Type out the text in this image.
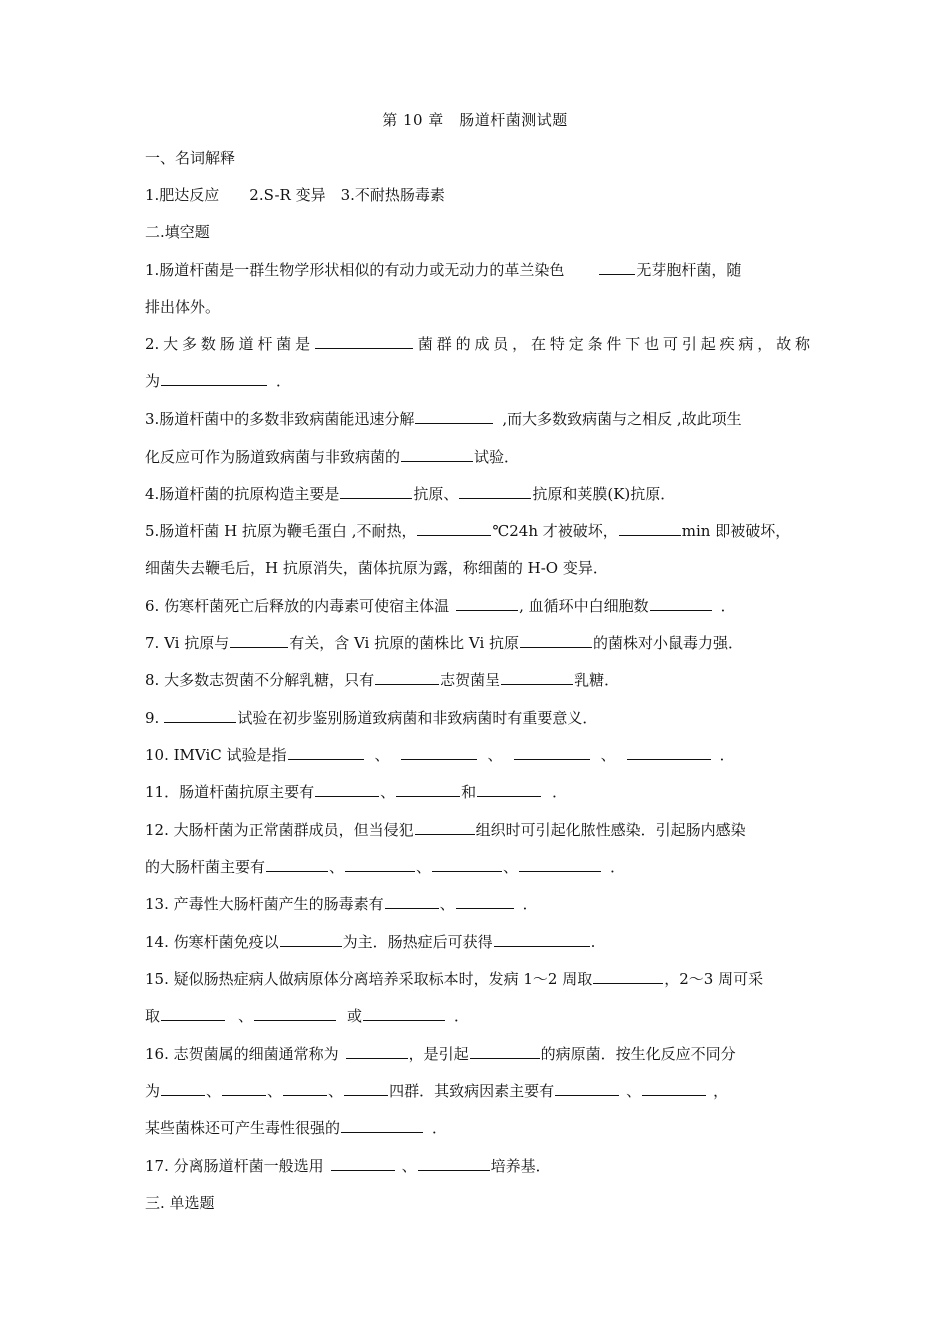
第 10 章　肠道杆菌测试题
一、名词解释
1.肥达反应　　2.S-R 变异　3.不耐热肠毒素
二.填空题
1.肠道杆菌是一群生物学形状相似的有动力或无动力的革兰染色	无芽胞杆菌，随
排出体外。
2.大多数肠道杆菌是	菌群的成员，在特定条件下也可引起疾病，故称
为	．
3.肠道杆菌中的多数非致病菌能迅速分解	,而大多数致病菌与之相反 ,故此项生
化反应可作为肠道致病菌与非致病菌的	试验．
4.肠道杆菌的抗原构造主要是	抗原、	抗原和荚膜(K)抗原．
5.肠道杆菌 H 抗原为鞭毛蛋白 ,不耐热，	℃24h 才被破坏，	min 即被破坏，
细菌失去鞭毛后，H 抗原消失，菌体抗原为露，称细菌的 H-O 变异．
6. 伤寒杆菌死亡后释放的内毒素可使宿主体温	, 血循环中白细胞数	．
7. Vi 抗原与	有关，含 Vi 抗原的菌株比 Vi 抗原	的菌株对小鼠毒力强．
8. 大多数志贺菌不分解乳糖，只有	志贺菌呈	乳糖．
9.	试验在初步鉴别肠道致病菌和非致病菌时有重要意义．
10. IMViC 试验是指	、	、	、	．
11．肠道杆菌抗原主要有	、	和	．
12. 大肠杆菌为正常菌群成员，但当侵犯	组织时可引起化脓性感染．引起肠内感染
的大肠杆菌主要有	、	、	、	．
13. 产毒性大肠杆菌产生的肠毒素有	、	．
14. 伤寒杆菌免疫以	为主．肠热症后可获得	.
15. 疑似肠热症病人做病原体分离培养采取标本时，发病 1～2 周取	，2～3 周可采
取	、	或	．
16. 志贺菌属的细菌通常称为	，是引起	的病原菌．按生化反应不同分
为	、	、	、	四群．其致病因素主要有	、	，
某些菌株还可产生毒性很强的	．
17. 分离肠道杆菌一般选用	、	培养基．
三. 单选题
